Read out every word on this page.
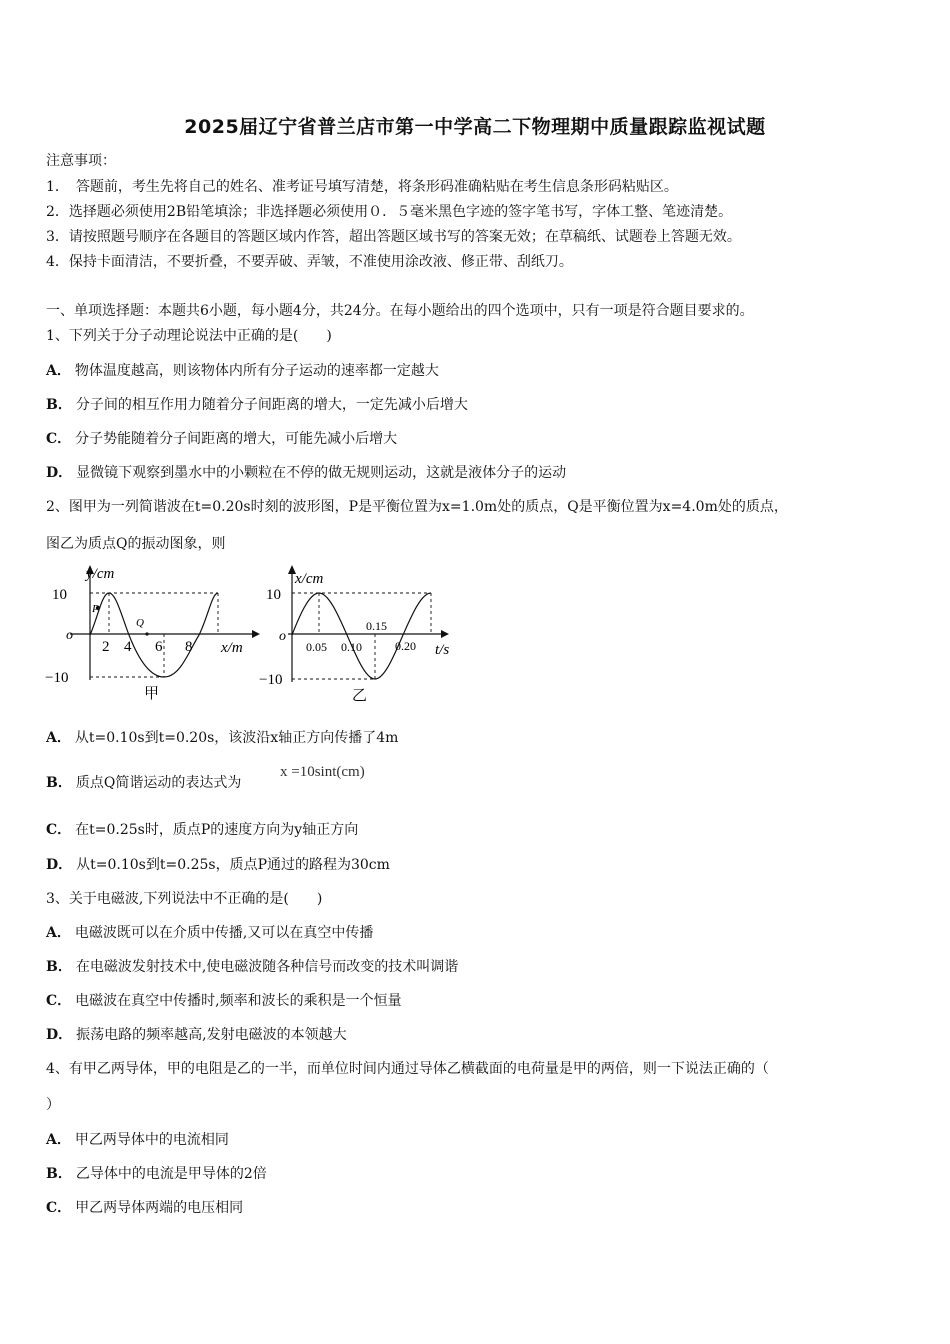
2025届辽宁省普兰店市第一中学高二下物理期中质量跟踪监视试题
注意事项：
1．　答题前，考生先将自己的姓名、准考证号填写清楚，将条形码准确粘贴在考生信息条形码粘贴区。
2．选择题必须使用2B铅笔填涂；非选择题必须使用０．５毫米黑色字迹的签字笔书写，字体工整、笔迹清楚。
3．请按照题号顺序在各题目的答题区域内作答，超出答题区域书写的答案无效；在草稿纸、试题卷上答题无效。
4．保持卡面清洁，不要折叠，不要弄破、弄皱，不准使用涂改液、修正带、刮纸刀。
一、单项选择题：本题共6小题，每小题4分，共24分。在每小题给出的四个选项中，只有一项是符合题目要求的。
1、下列关于分子动理论说法中正确的是(　　)
A． 物体温度越高，则该物体内所有分子运动的速率都一定越大
B． 分子间的相互作用力随着分子间距离的增大，一定先减小后增大
C． 分子势能随着分子间距离的增大，可能先减小后增大
D． 显微镜下观察到墨水中的小颗粒在不停的做无规则运动，这就是液体分子的运动
2、图甲为一列简谐波在t=0.20s时刻的波形图，P是平衡位置为x=1.0m处的质点，Q是平衡位置为x=4.0m处的质点，
图乙为质点Q的振动图象，则
y/cm
10
−10
o
P
Q
2 4 6 8 x/m
甲
x/cm
10
−10
o
0.05 0.10
0.15
0.20 t/s
乙
A． 从t=0.10s到t=0.20s，该波沿x轴正方向传播了4m
B． 质点Q简谐运动的表达式为
x =10sint(cm)
C． 在t=0.25s时，质点P的速度方向为y轴正方向
D． 从t=0.10s到t=0.25s，质点P通过的路程为30cm
3、关于电磁波,下列说法中不正确的是(　　)
A． 电磁波既可以在介质中传播,又可以在真空中传播
B． 在电磁波发射技术中,使电磁波随各种信号而改变的技术叫调谐
C． 电磁波在真空中传播时,频率和波长的乘积是一个恒量
D． 振荡电路的频率越高,发射电磁波的本领越大
4、有甲乙两导体，甲的电阻是乙的一半，而单位时间内通过导体乙横截面的电荷量是甲的两倍，则一下说法正确的（
）
A． 甲乙两导体中的电流相同
B． 乙导体中的电流是甲导体的2倍
C． 甲乙两导体两端的电压相同
